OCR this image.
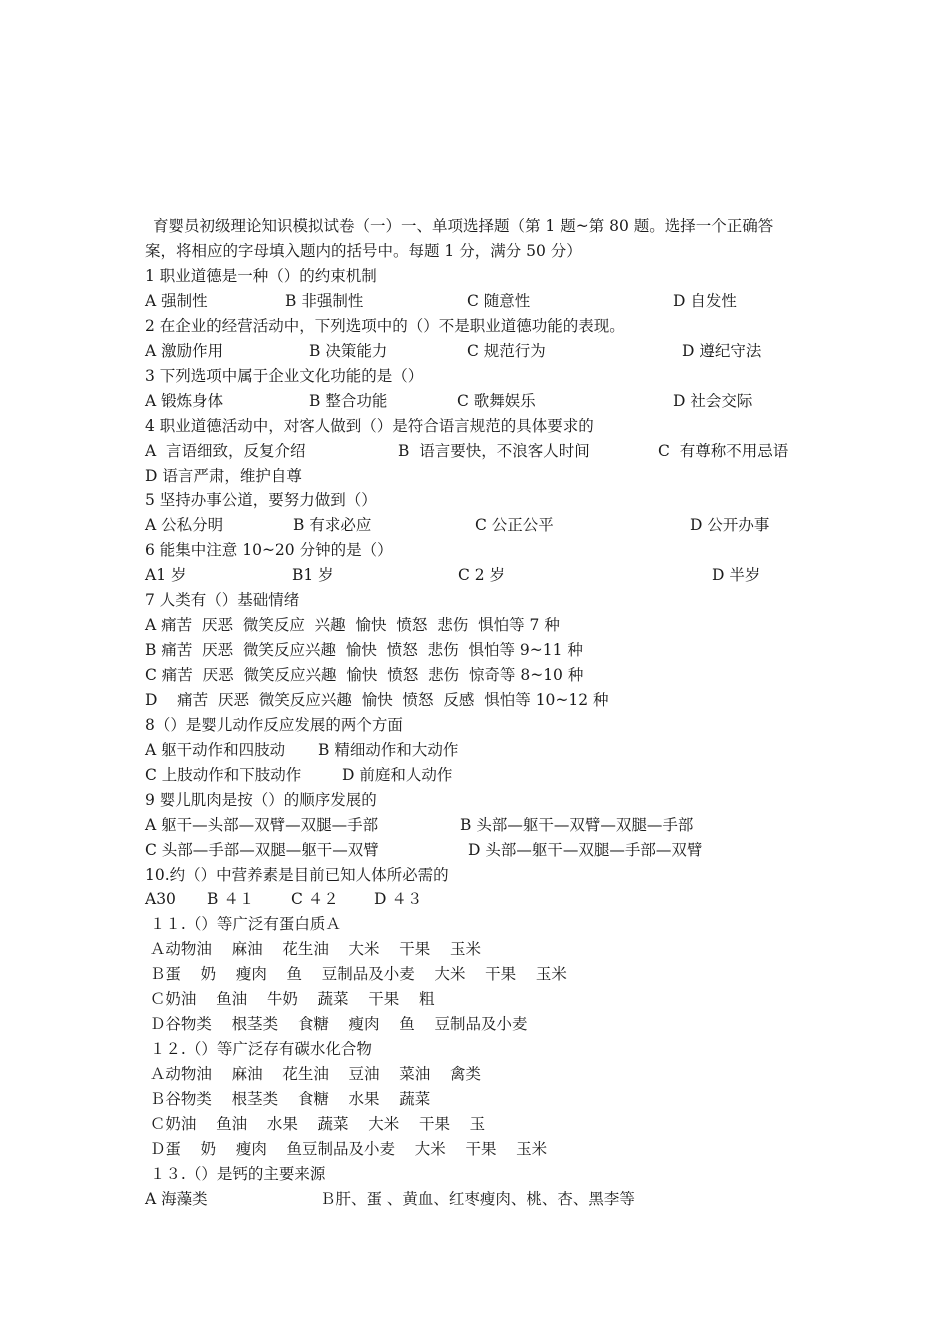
育婴员初级理论知识模拟试卷（一）一、单项选择题（第 1 题~第 80 题。选择一个正确答
案，将相应的字母填入题内的括号中。每题 1 分，满分 50 分）

1 职业道德是一种（）的约束机制
A 强制性	B 非强制性	C 随意性	D 自发性
2 在企业的经营活动中，下列选项中的（）不是职业道德功能的表现。
A 激励作用	B 决策能力	C 规范行为	D 遵纪守法
3 下列选项中属于企业文化功能的是（）
A 锻炼身体	B 整合功能	C 歌舞娱乐	D 社会交际
4 职业道德活动中，对客人做到（）是符合语言规范的具体要求的
A  言语细致，反复介绍	B  语言要快，不浪客人时间	C  有尊称不用忌语
D 语言严肃，维护自尊
5 坚持办事公道，要努力做到（）
A 公私分明	B 有求必应	C 公正公平	D 公开办事
6 能集中注意 10~20 分钟的是（）
A1 岁	B1 岁	C 2 岁	D 半岁
7 人类有（）基础情绪
A 痛苦  厌恶  微笑反应  兴趣  愉快  愤怒  悲伤  惧怕等 7 种
B 痛苦  厌恶  微笑反应兴趣  愉快  愤怒  悲伤  惧怕等 9~11 种
C 痛苦  厌恶  微笑反应兴趣  愉快  愤怒  悲伤  惊奇等 8~10 种
D    痛苦  厌恶  微笑反应兴趣  愉快  愤怒  反感  惧怕等 10~12 种
8（）是婴儿动作反应发展的两个方面
A 躯干动作和四肢动 B 精细动作和大动作
C 上肢动作和下肢动作	D 前庭和人动作
9 婴儿肌肉是按（）的顺序发展的
A 躯干—头部—双臂—双腿—手部	B 头部—躯干—双臂—双腿—手部
C 头部—手部—双腿—躯干—双臂	D 头部—躯干—双腿—手部—双臂
10.约（）中营养素是目前已知人体所必需的
A30 B ４１ C ４２ D ４３
１１.（）等广泛有蛋白质Ａ
Ａ动物油    麻油    花生油    大米    干果    玉米
Ｂ蛋    奶    瘦肉    鱼    豆制品及小麦    大米    干果    玉米
Ｃ奶油    鱼油    牛奶    蔬菜    干果    粗
Ｄ谷物类    根茎类    食糖    瘦肉    鱼    豆制品及小麦
１２.（）等广泛存有碳水化合物
Ａ动物油    麻油    花生油    豆油    菜油    禽类
Ｂ谷物类    根茎类    食糖    水果    蔬菜
Ｃ奶油    鱼油    水果    蔬菜    大米    干果    玉
Ｄ蛋    奶    瘦肉    鱼豆制品及小麦    大米    干果    玉米
１３.（）是钙的主要来源
A 海藻类	Ｂ肝、蛋 、黄血、红枣瘦肉、桃、杏、黑李等
